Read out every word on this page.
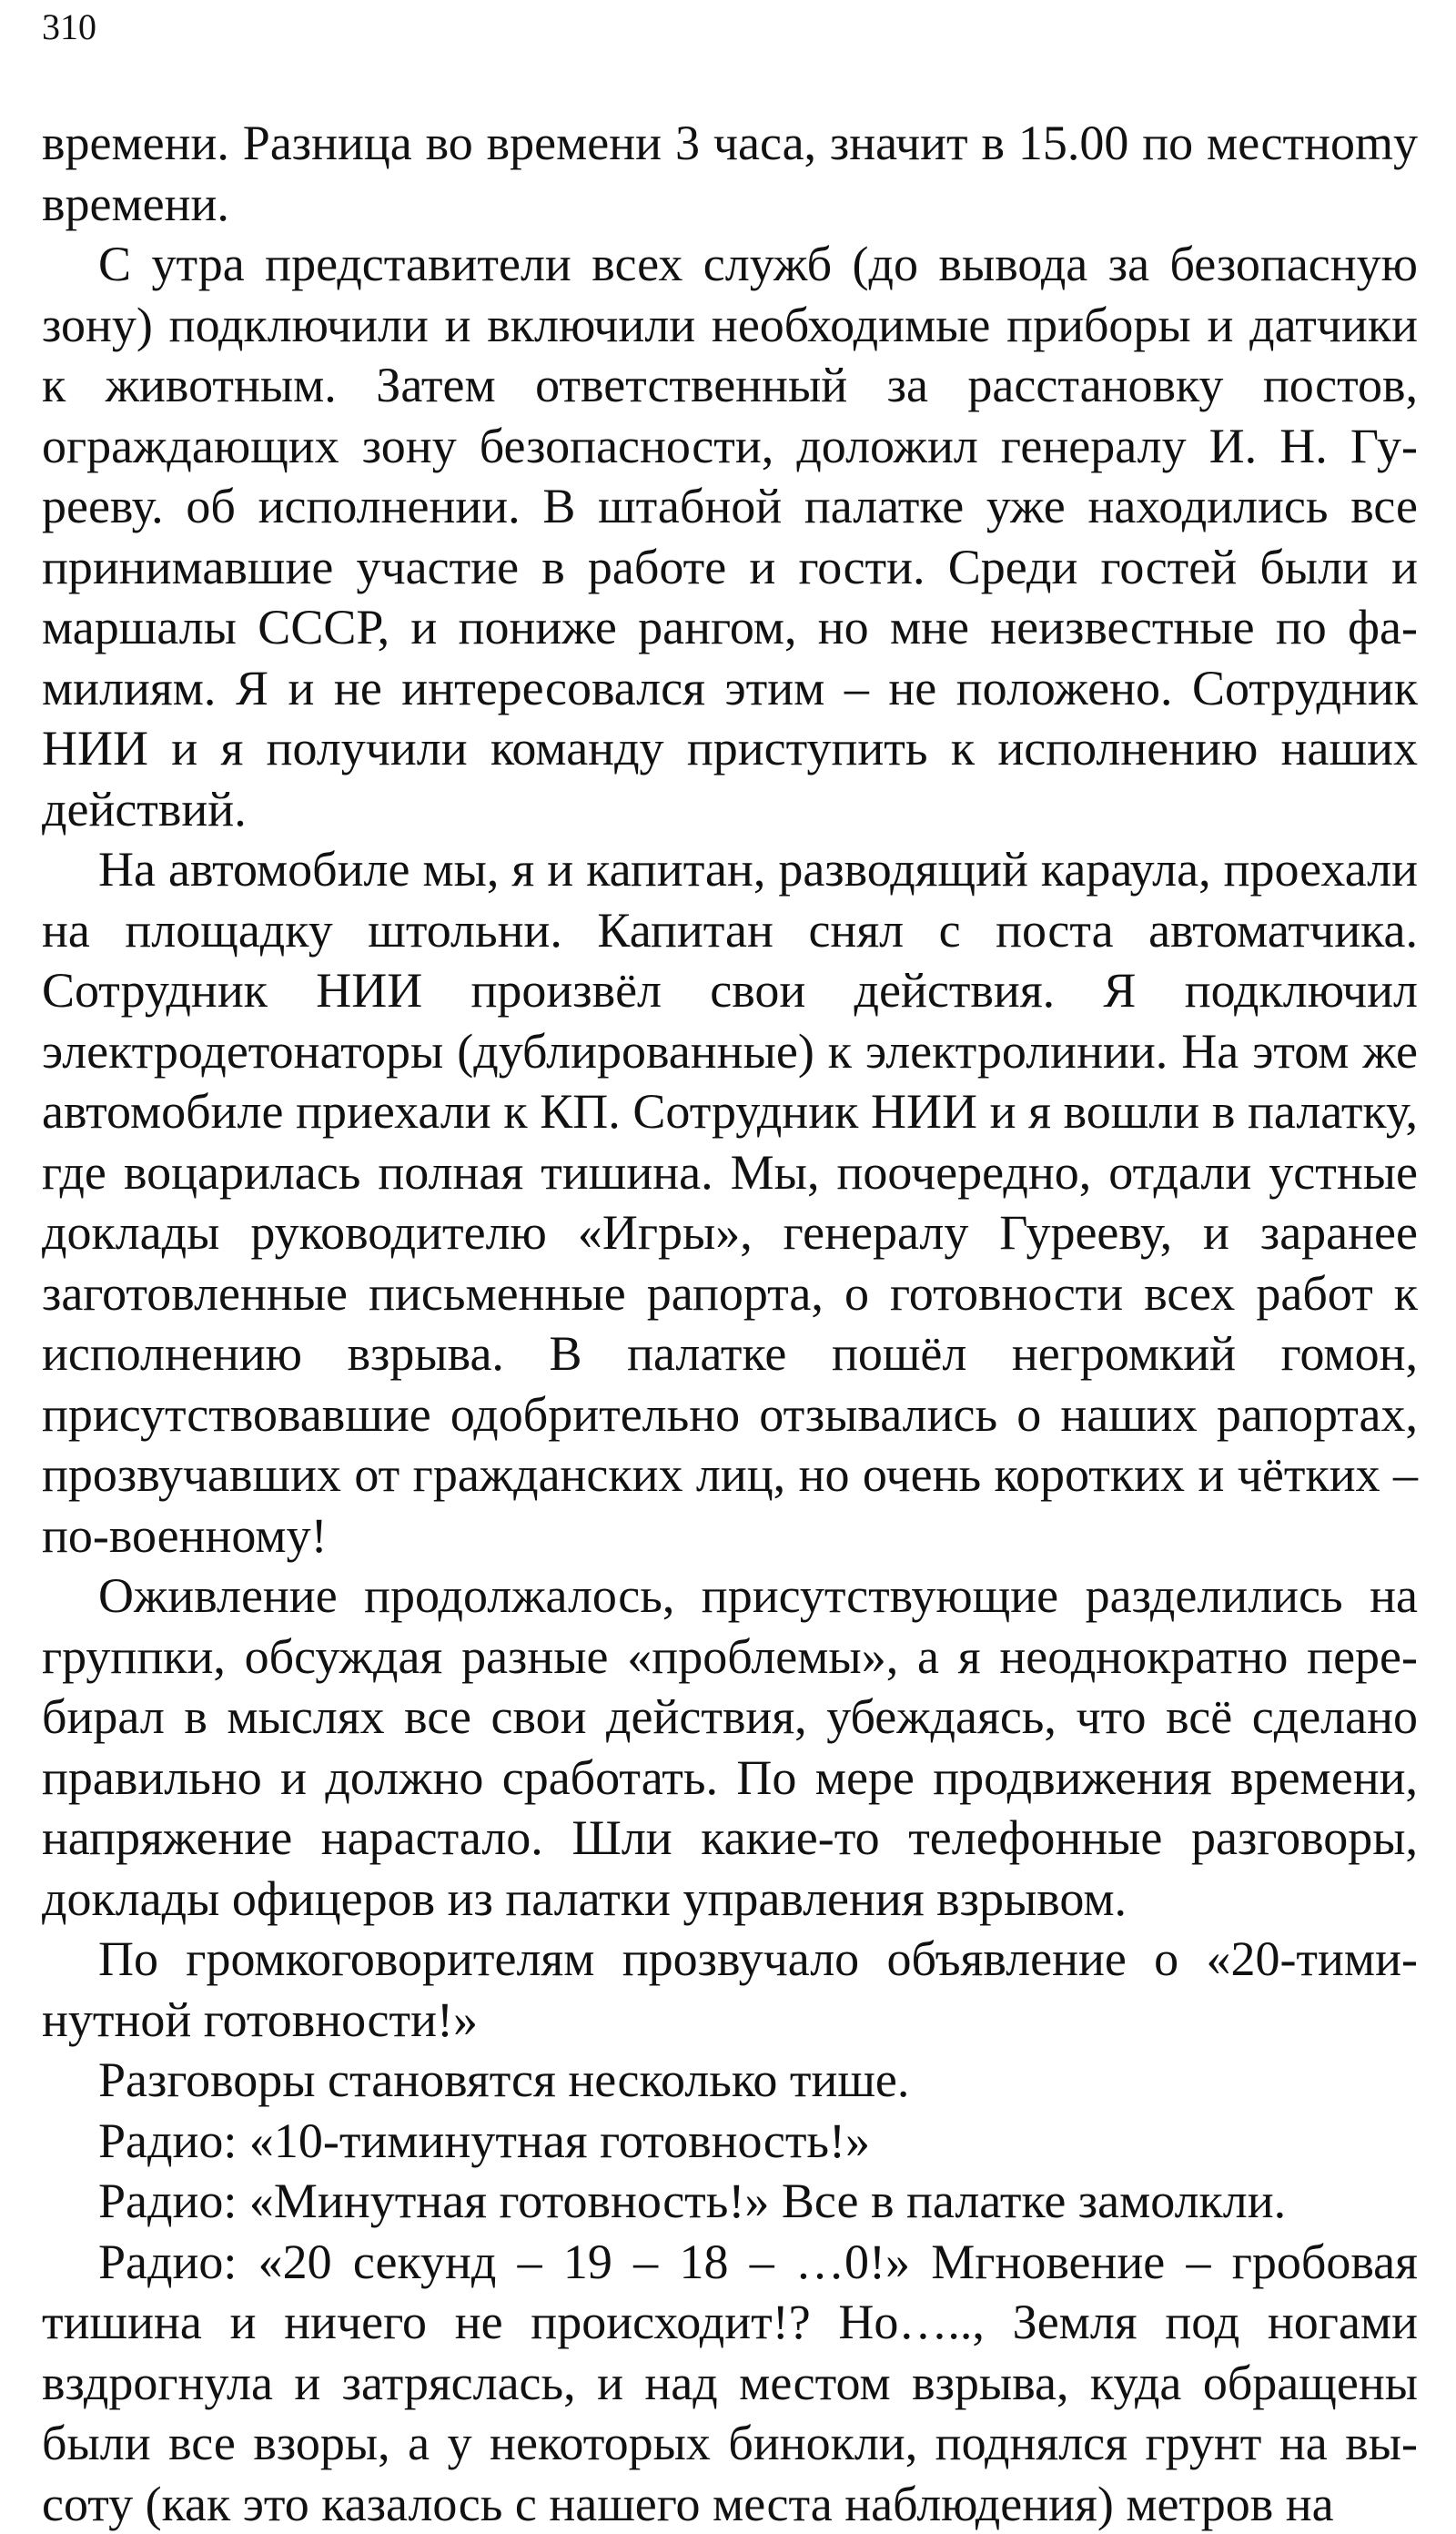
310

времени. Разница во времени 3 часа, значит в 15.00 по местноmу времени.

С утра представители всех служб (до вывода за безопасную зону) подключили и включили необходимые приборы и датчики к животным. Затем ответственный за расстановку постов, ограждающих зону безопасности, доложил генералу И. Н. Гурееву. об исполнении. В штабной палатке уже находились все принимавшие участие в работе и гости. Среди гостей были и маршалы СССР, и пониже рангом, но мне неизвестные по фамилиям. Я и не интересовался этим – не положено. Сотрудник НИИ и я получили команду приступить к исполнению наших действий.

На автомобиле мы, я и капитан, разводящий караула, проехали на площадку штольни. Капитан снял с поста автоматчика. Сотрудник НИИ произвёл свои действия. Я подключил электродетонаторы (дублированные) к электролинии. На этом же автомобиле приехали к КП. Сотрудник НИИ и я вошли в палатку, где воцарилась полная тишина. Мы, поочередно, отдали устные доклады руководителю «Игры», генералу Гуреeву, и заранее заготовленные письменные рапорта, о готовности всех работ к исполнению взрыва. В палатке пошёл негромкий гомон, присутствовавшие одобрительно отзывались о наших рапортах, прозвучавших от гражданских лиц, но очень коротких и чётких – по-военному!

Оживление продолжалось, присутствующие разделились на группки, обсуждая разные «проблемы», а я неоднократно перебирал в мыслях все свои действия, убеждаясь, что всё сделано правильно и должно сработать. По мере продвижения времени, напряжение нарастало. Шли какие-то телефонные разговоры, доклады офицеров из палатки управления взрывом.

По громкоговорителям прозвучало объявление о «20-тиминутной готовности!»

Разговоры становятся несколько тише.

Радио: «10-тиминутная готовность!»

Радио: «Минутная готовность!» Все в палатке замолкли.

Радио: «20 секунд – 19 – 18 – …0!» Мгновение – гробовая тишина и ничего не происходит!? Но….., Земля под ногами вздрогнула и затряслась, и над местом взрыва, куда обращены были все взоры, а у некоторых бинокли, поднялся грунт на высоту (как это казалось с нашего места наблюдения) метров на
